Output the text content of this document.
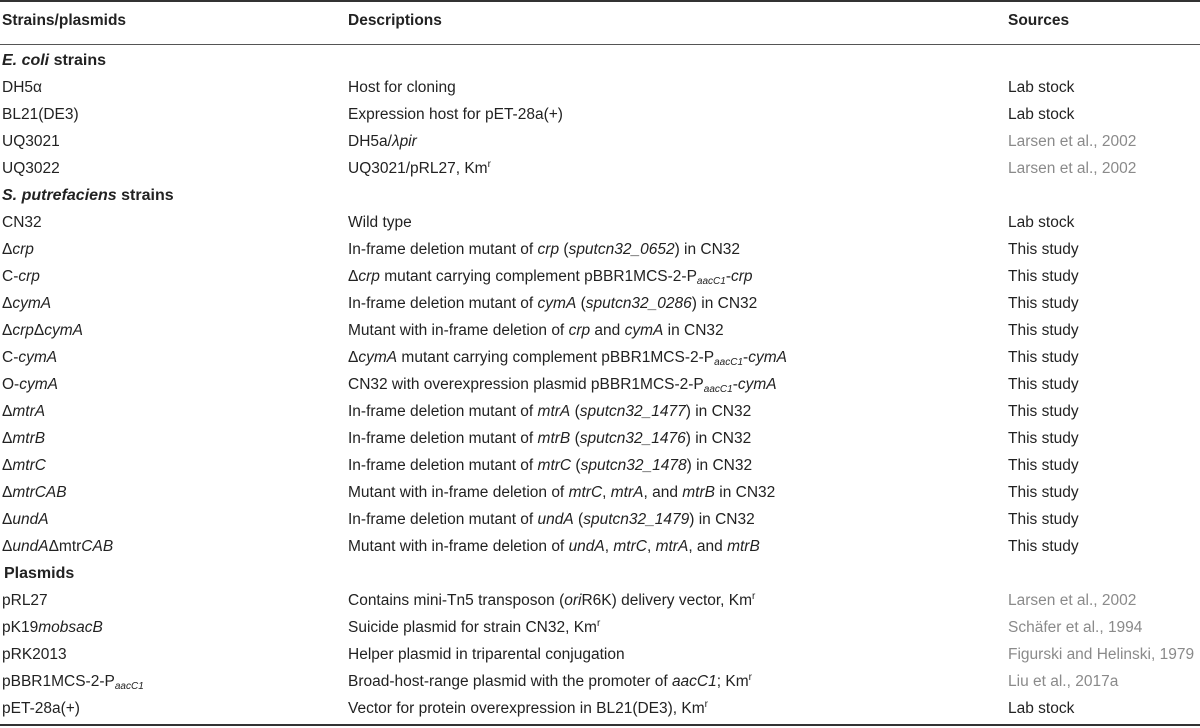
Strains/plasmids	Descriptions	Sources
E. coli strains
DH5α	Host for cloning	Lab stock
BL21(DE3)	Expression host for pET-28a(+)	Lab stock
UQ3021	DH5a/λpir	Larsen et al., 2002
UQ3022	UQ3021/pRL27, Km$^r$	Larsen et al., 2002
S. putrefaciens strains
CN32	Wild type	Lab stock
Δcrp	In-frame deletion mutant of crp (sputcn32_0652) in CN32	This study
C-crp	Δcrp mutant carrying complement $pBBR1MCS-2-P_{aacC1}$-crp	This study
ΔcymA	In-frame deletion mutant of cymA (sputcn32_0286) in CN32	This study
ΔcrpΔcymA	Mutant with in-frame deletion of crp and cymA in CN32	This study
C-cymA	ΔcymA mutant carrying complement $pBBR1MCS-2-P_{aacC1}$-cymA	This study
O-cymA	CN32 with overexpression plasmid $pBBR1MCS-2-P_{aacC1}$-cymA	This study
ΔmtrA	In-frame deletion mutant of mtrA (sputcn32_1477) in CN32	This study
ΔmtrB	In-frame deletion mutant of mtrB (sputcn32_1476) in CN32	This study
ΔmtrC	In-frame deletion mutant of mtrC (sputcn32_1478) in CN32	This study
ΔmtrCAB	Mutant with in-frame deletion of mtrC, mtrA, and mtrB in CN32	This study
ΔundA	In-frame deletion mutant of undA (sputcn32_1479) in CN32	This study
ΔundAΔmtrCAB	Mutant with in-frame deletion of undA, mtrC, mtrA, and mtrB	This study
Plasmids
pRL27	Contains mini-Tn5 transposon (oriR6K) delivery vector, Km$^r$	Larsen et al., 2002
pK19mobsacB	Suicide plasmid for strain CN32, Km$^r$	Schäfer et al., 1994
pRK2013	Helper plasmid in triparental conjugation	Figurski and Helinski, 1979
$pBBR1MCS-2-P_{aacC1}$	Broad-host-range plasmid with the promoter of aacC1; Km$^r$	Liu et al., 2017a
pET-28a(+)	Vector for protein overexpression in BL21(DE3), Km$^r$	Lab stock
